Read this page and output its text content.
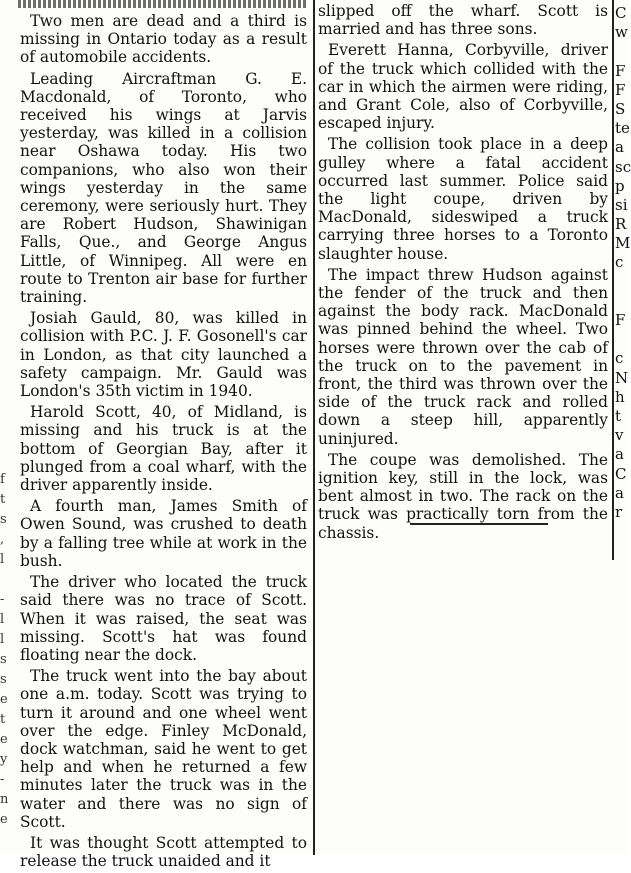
f
t
s
,
l
-
l
l
s
s
e
t
e
y
-
n
e

Two men are dead and a third is missing in Ontario today as a result of automobile accidents.

Leading Aircraftman G. E. Macdonald, of Toronto, who received his wings at Jarvis yesterday, was killed in a collision near Oshawa today. His two companions, who also won their wings yesterday in the same ceremony, were seriously hurt. They are Robert Hudson, Shawinigan Falls, Que., and George Angus Little, of Winnipeg. All were en route to Trenton air base for further training.

Josiah Gauld, 80, was killed in collision with P.C. J. F. Gosonell's car in London, as that city launched a safety campaign. Mr. Gauld was London's 35th victim in 1940.

Harold Scott, 40, of Midland, is missing and his truck is at the bottom of Georgian Bay, after it plunged from a coal wharf, with the driver apparently inside.

A fourth man, James Smith of Owen Sound, was crushed to death by a falling tree while at work in the bush.

The driver who located the truck said there was no trace of Scott. When it was raised, the seat was missing. Scott's hat was found floating near the dock.

The truck went into the bay about one a.m. today. Scott was trying to turn it around and one wheel went over the edge. Finley McDonald, dock watchman, said he went to get help and when he returned a few minutes later the truck was in the water and there was no sign of Scott.

It was thought Scott attempted to release the truck unaided and it

slipped off the wharf. Scott is married and has three sons.

Everett Hanna, Corbyville, driver of the truck which collided with the car in which the airmen were riding, and Grant Cole, also of Corbyville, escaped injury.

The collision took place in a deep gulley where a fatal accident occurred last summer. Police said the light coupe, driven by MacDonald, sideswiped a truck carrying three horses to a Toronto slaughter house.

The impact threw Hudson against the fender of the truck and then against the body rack. MacDonald was pinned behind the wheel. Two horses were thrown over the cab of the truck on to the pavement in front, the third was thrown over the side of the truck rack and rolled down a steep hill, apparently uninjured.

The coupe was demolished. The ignition key, still in the lock, was bent almost in two. The rack on the truck was practically torn from the chassis.

C
w
F
F
S
te
a
sc
p
si
R
M
c
F
c
N
h
t
v
a
C
a
r
